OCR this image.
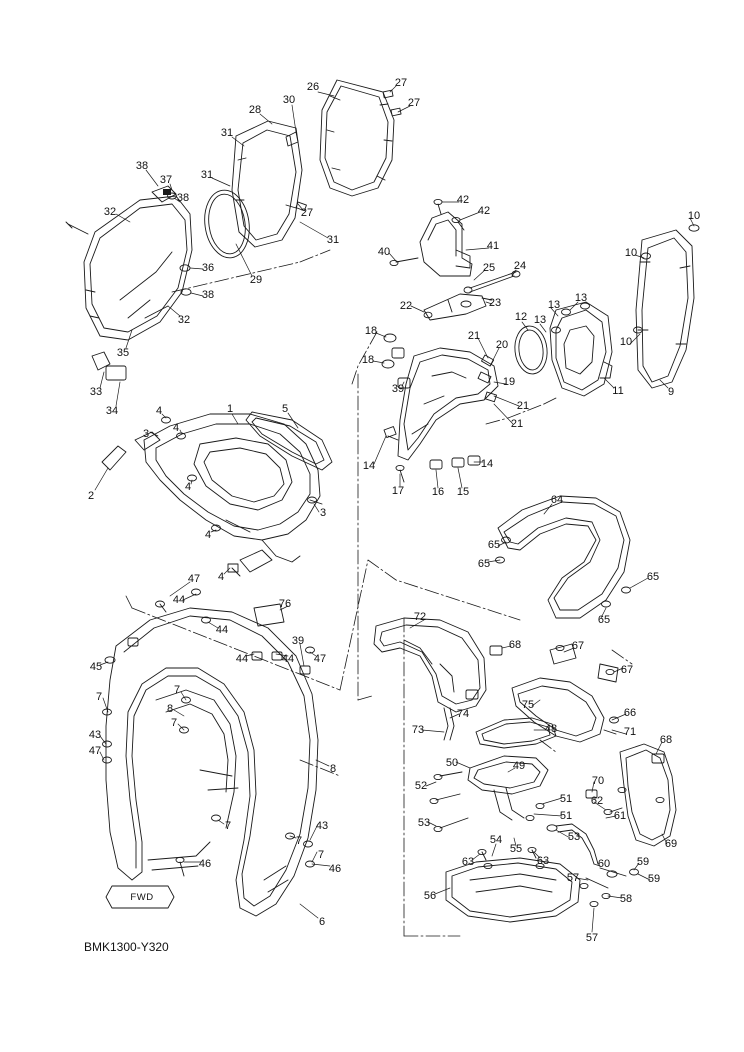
FWD
BMK1300-Y320
26	27
27
28
30
31
31
27
31
38
37
38
32
36
29
38
32
35
33
34
42
42
41
40
25 24
22	23	13
13
12 13
10
10
10
9
11
18
18
21
20
19
21
21
39
14	14
17	16 15
1	5
4
3 4
2
4
4
3
4
64
65
65
65
65
47
44
44
45
76
39
44	44 47
7
7
7
43
47
8
8
7
7
43
7
46	46
6
72
68	67
67
75
48
66
71
68
74
73
50	49
52
51
51
70
62
61
69
53
54
55
53
63	63	60 59
57	59
56	58
57
